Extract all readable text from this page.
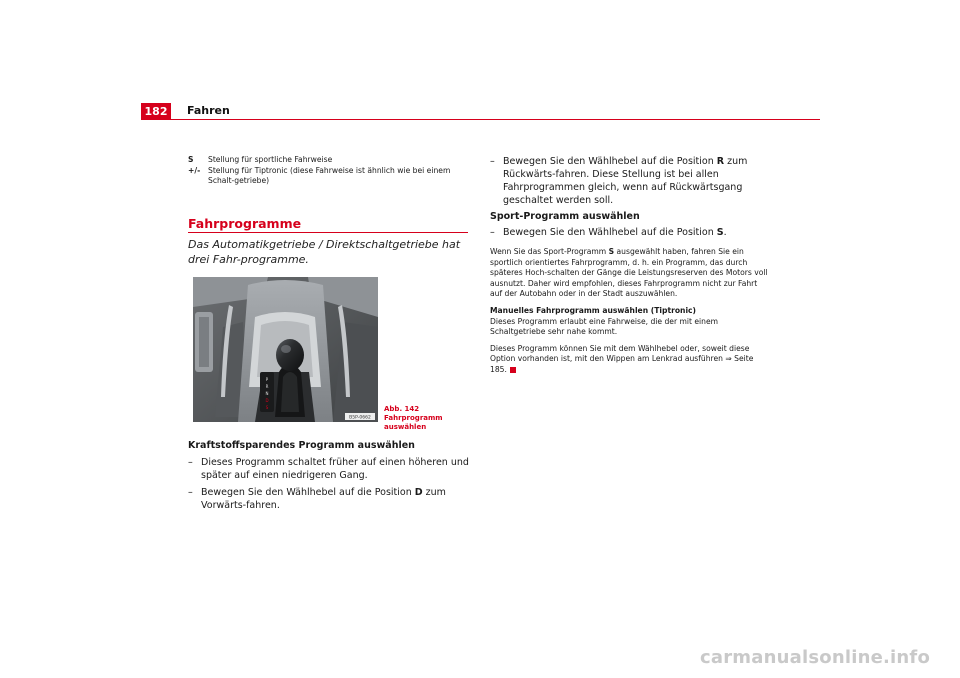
182	Fahren
S	Stellung für sportliche Fahrweise
+/-	Stellung für Tiptronic (diese Fahrweise ist ähnlich wie bei einem Schalt-getriebe)
Fahrprogramme
Das Automatikgetriebe / Direktschaltgetriebe hat drei Fahr-programme.
P
R
N
D
S
B5P-0662
Abb. 142 Fahrprogramm auswählen
Kraftstoffsparendes Programm auswählen
– Dieses Programm schaltet früher auf einen höheren und später auf einen niedrigeren Gang.
– Bewegen Sie den Wählhebel auf die Position D zum Vorwärts-fahren.
– Bewegen Sie den Wählhebel auf die Position R zum Rückwärts-fahren. Diese Stellung ist bei allen Fahrprogrammen gleich, wenn auf Rückwärtsgang geschaltet werden soll.
Sport-Programm auswählen
– Bewegen Sie den Wählhebel auf die Position S.
Wenn Sie das Sport-Programm S ausgewählt haben, fahren Sie ein sportlich orientiertes Fahrprogramm, d. h. ein Programm, das durch späteres Hoch-schalten der Gänge die Leistungsreserven des Motors voll ausnutzt. Daher wird empfohlen, dieses Fahrprogramm nicht zur Fahrt auf der Autobahn oder in der Stadt auszuwählen.
Manuelles Fahrprogramm auswählen (Tiptronic)
Dieses Programm erlaubt eine Fahrweise, die der mit einem Schaltgetriebe sehr nahe kommt.
Dieses Programm können Sie mit dem Wählhebel oder, soweit diese Option vorhanden ist, mit den Wippen am Lenkrad ausführen ⇒ Seite 185.
carmanualsonline.info
